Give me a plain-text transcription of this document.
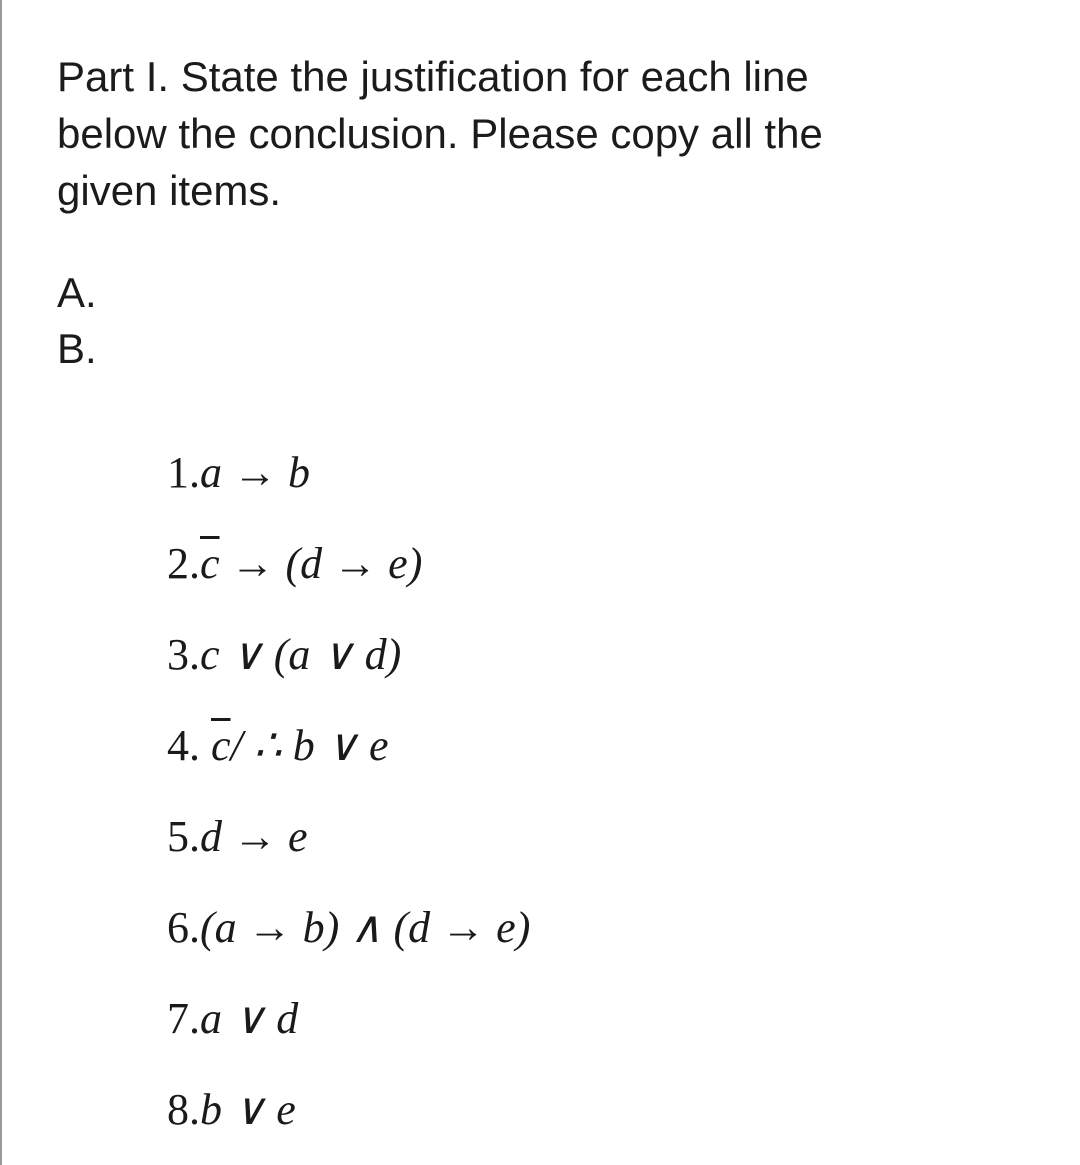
Part I. State the justification for each line

below the conclusion. Please copy all the

given items.

A.
B.
1.a → b
$2.\overline{c} \to (d \to e)$
3.c ∨ (a ∨ d)
4. $\overline{c}/$ ∴ b ∨ e
5.d → e
6.(a → b) ∧ (d → e)
7.a ∨ d
8.b ∨ e
